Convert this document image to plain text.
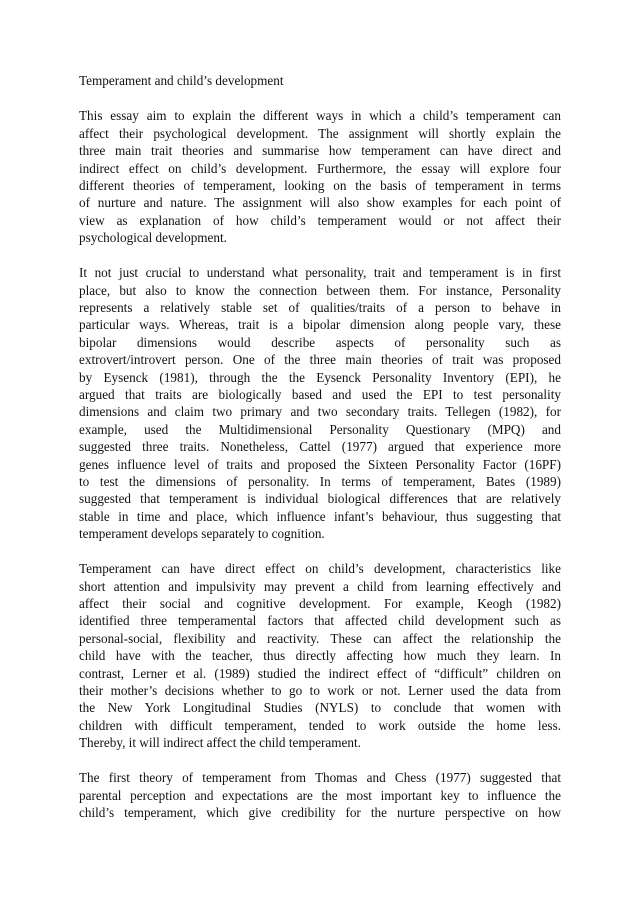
Temperament and child’s development
This essay aim to explain the different ways in which a child’s temperament can
affect their psychological development. The assignment will shortly explain the
three main trait theories and summarise how temperament can have direct and
indirect effect on child’s development. Furthermore, the essay will explore four
different theories of temperament, looking on the basis of temperament in terms
of nurture and nature. The assignment will also show examples for each point of
view as explanation of how child’s temperament would or not affect their
psychological development.
It not just crucial to understand what personality, trait and temperament is in first
place, but also to know the connection between them. For instance, Personality
represents a relatively stable set of qualities/traits of a person to behave in
particular ways. Whereas, trait is a bipolar dimension along people vary, these
bipolar dimensions would describe aspects of personality such as
extrovert/introvert person. One of the three main theories of trait was proposed
by Eysenck (1981), through the the Eysenck Personality Inventory (EPI), he
argued that traits are biologically based and used the EPI to test personality
dimensions and claim two primary and two secondary traits. Tellegen (1982), for
example, used the Multidimensional Personality Questionary (MPQ) and
suggested three traits. Nonetheless, Cattel (1977) argued that experience more
genes influence level of traits and proposed the Sixteen Personality Factor (16PF)
to test the dimensions of personality. In terms of temperament, Bates (1989)
suggested that temperament is individual biological differences that are relatively
stable in time and place, which influence infant’s behaviour, thus suggesting that
temperament develops separately to cognition.
Temperament can have direct effect on child’s development, characteristics like
short attention and impulsivity may prevent a child from learning effectively and
affect their social and cognitive development. For example, Keogh (1982)
identified three temperamental factors that affected child development such as
personal-social, flexibility and reactivity. These can affect the relationship the
child have with the teacher, thus directly affecting how much they learn. In
contrast, Lerner et al. (1989) studied the indirect effect of “difficult” children on
their mother’s decisions whether to go to work or not. Lerner used the data from
the New York Longitudinal Studies (NYLS) to conclude that women with
children with difficult temperament, tended to work outside the home less.
Thereby, it will indirect affect the child temperament.
The first theory of temperament from Thomas and Chess (1977) suggested that
parental perception and expectations are the most important key to influence the
child’s temperament, which give credibility for the nurture perspective on how
